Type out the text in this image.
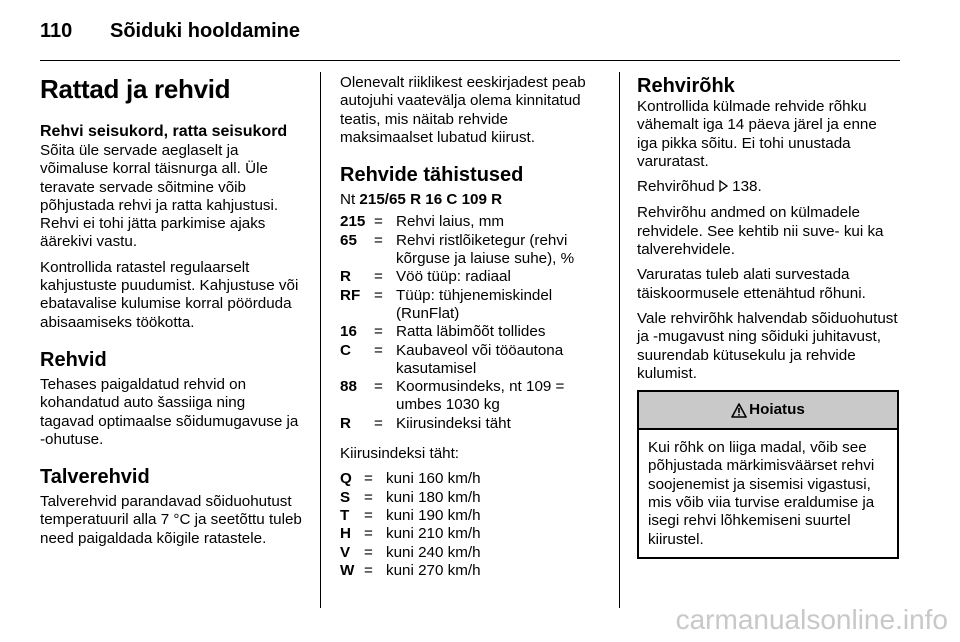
110 Sõiduki hooldamine
Rattad ja rehvid
Rehvi seisukord, ratta seisukord

Sõita üle servade aeglaselt ja võimaluse korral täisnurga all. Üle teravate servade sõitmine võib põhjustada rehvi ja ratta kahjustusi. Rehvi ei tohi jätta parkimise ajaks äärekivi vastu.

Kontrollida ratastel regulaarselt kahjustuste puudumist. Kahjustuse või ebatavalise kulumise korral pöörduda abisaamiseks töökotta.

Rehvid

Tehases paigaldatud rehvid on kohandatud auto šassiiga ning tagavad optimaalse sõidumugavuse ja -ohutuse.

Talverehvid

Talverehvid parandavad sõiduohutust temperatuuril alla 7 °C ja seetõttu tuleb need paigaldada kõigile ratastele.

Olenevalt riiklikest eeskirjadest peab autojuhi vaatevälja olema kinnitatud teatis, mis näitab rehvide maksimaalset lubatud kiirust.

Rehvide tähistused

Nt 215/65 R 16 C 109 R

215 = Rehvi laius, mm
65	= Rehvi ristlõiketegur (rehvi kõrguse ja laiuse suhe), %
R	= Vöö tüüp: radiaal
RF = Tüüp: tühjenemiskindel (RunFlat)
16	= Ratta läbimõõt tollides
C	= Kaubaveol või tööautona kasutamisel
88	= Koormusindeks, nt 109 = umbes 1030 kg
R	= Kiirusindeksi täht

Kiirusindeksi täht:

Q = kuni 160 km/h
S = kuni 180 km/h
T = kuni 190 km/h
H = kuni 210 km/h
V = kuni 240 km/h
W = kuni 270 km/h
Rehvirõhk

Kontrollida külmade rehvide rõhku vähemalt iga 14 päeva järel ja enne iga pikka sõitu. Ei tohi unustada varuratast.

Rehvirõhud 138.

Rehvirõhu andmed on külmadele rehvidele. See kehtib nii suve- kui ka talverehvidele.

Varuratas tuleb alati survestada täiskoormusele ettenähtud rõhuni.

Vale rehvirõhk halvendab sõiduohutust ja -mugavust ning sõiduki juhitavust, suurendab kütusekulu ja rehvide kulumist.

Hoiatus
Kui rõhk on liiga madal, võib see põhjustada märkimisväärset rehvi soojenemist ja sisemisi vigastusi, mis võib viia turvise eraldumise ja isegi rehvi lõhkemiseni suurtel kiirustel.
carmanualsonline.info
